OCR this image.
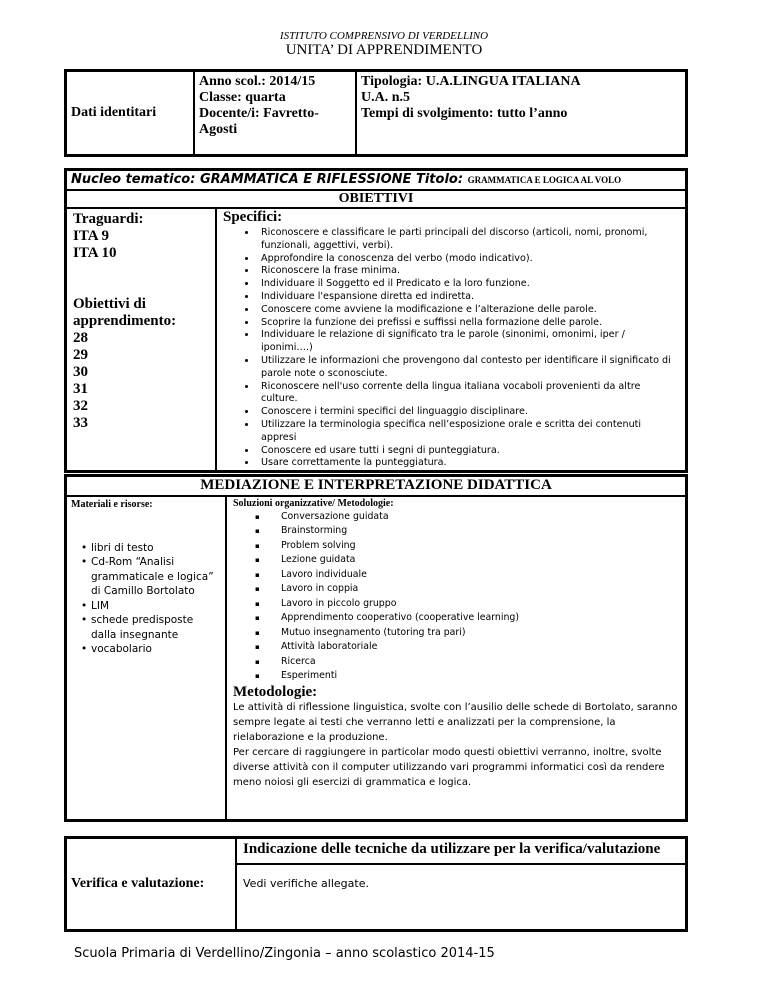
ISTITUTO COMPRENSIVO DI VERDELLINO
UNITA’ DI APPRENDIMENTO
Dati identitari	
Anno scol.: 2014/15
Classe: quarta
Docente/i: Favretto-Agosti

Tipologia: U.A.LINGUA ITALIANA
U.A. n.5
Tempi di svolgimento: tutto l’anno
Nucleo tematico: GRAMMATICA E RIFLESSIONE Titolo: GRAMMATICA E LOGICA AL VOLO
OBIETTIVI

Traguardi:
ITA 9
ITA 10
Obiettivi di apprendimento:
28
29
30
31
32
33

Specifici:
• Riconoscere e classificare le parti principali del discorso (articoli, nomi, pronomi, funzionali, aggettivi, verbi).
• Approfondire la conoscenza del verbo (modo indicativo).
• Riconoscere la frase minima.
• Individuare il Soggetto ed il Predicato e la loro funzione.
• Individuare l'espansione diretta ed indiretta.
• Conoscere come avviene la modificazione e l’alterazione delle parole.
• Scoprire la funzione dei prefissi e suffissi nella formazione delle parole.
• Individuare le relazione di significato tra le parole (sinonimi, omonimi, iper / iponimi….)
• Utilizzare le informazioni che provengono dal contesto per identificare il significato di parole note o sconosciute.
• Riconoscere nell'uso corrente della lingua italiana vocaboli provenienti da altre culture.
• Conoscere i termini specifici del linguaggio disciplinare.
• Utilizzare la terminologia specifica nell’esposizione orale e scritta dei contenuti appresi
• Conoscere ed usare tutti i segni di punteggiatura.
• Usare correttamente la punteggiatura.
MEDIAZIONE E INTERPRETAZIONE DIDATTICA

Materiali e risorse:
• libri di testo
• Cd-Rom “Analisi grammaticale e logica” di Camillo Bortolato
• LIM
• schede predisposte dalla insegnante
• vocabolario

Soluzioni organizzative/ Metodologie:
▪ Conversazione guidata
▪ Brainstorming
▪ Problem solving
▪ Lezione guidata
▪ Lavoro individuale
▪ Lavoro in coppia
▪ Lavoro in piccolo gruppo
▪ Apprendimento cooperativo (cooperative learning)
▪ Mutuo insegnamento (tutoring tra pari)
▪ Attività laboratoriale
▪ Ricerca
▪ Esperimenti
Metodologie:

Le attività di riflessione linguistica, svolte con l’ausilio delle schede di Bortolato, saranno sempre legate ai testi che verranno letti e analizzati per la comprensione, la rielaborazione e la produzione.

Per cercare di raggiungere in particolar modo questi obiettivi verranno, inoltre, svolte diverse attività con il computer utilizzando vari programmi informatici così da rendere meno noiosi gli esercizi di grammatica e logica.

Verifica e valutazione:	Indicazione delle tecniche da utilizzare per la verifica/valutazione
Vedi verifiche allegate.
Scuola Primaria di Verdellino/Zingonia – anno scolastico 2014-15
